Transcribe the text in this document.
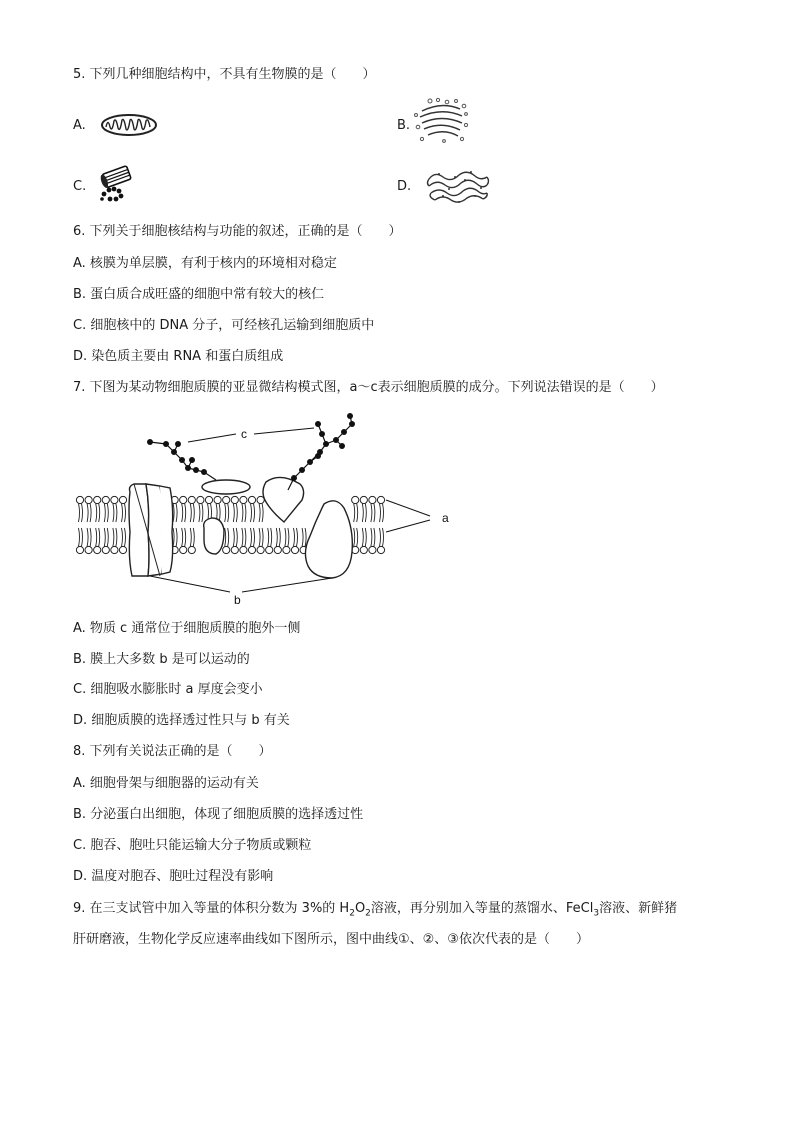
5. 下列几种细胞结构中，不具有生物膜的是（　　）
A.	B.
C.	D.
6. 下列关于细胞核结构与功能的叙述，正确的是（　　）
A. 核膜为单层膜，有利于核内的环境相对稳定
B. 蛋白质合成旺盛的细胞中常有较大的核仁
C. 细胞核中的 DNA 分子，可经核孔运输到细胞质中
D. 染色质主要由 RNA 和蛋白质组成
7. 下图为某动物细胞质膜的亚显微结构模式图，a～c表示细胞质膜的成分。下列说法错误的是（　　）
c
a
b
A. 物质 c 通常位于细胞质膜的胞外一侧
B. 膜上大多数 b 是可以运动的
C. 细胞吸水膨胀时 a 厚度会变小
D. 细胞质膜的选择透过性只与 b 有关
8. 下列有关说法正确的是（　　）
A. 细胞骨架与细胞器的运动有关
B. 分泌蛋白出细胞，体现了细胞质膜的选择透过性
C. 胞吞、胞吐只能运输大分子物质或颗粒
D. 温度对胞吞、胞吐过程没有影响
9. 在三支试管中加入等量的体积分数为 3%的 $H_2O_2$溶液，再分别加入等量的蒸馏水、FeCl$_3$溶液、新鲜猪
肝研磨液，生物化学反应速率曲线如下图所示，图中曲线①、②、③依次代表的是（　　）
